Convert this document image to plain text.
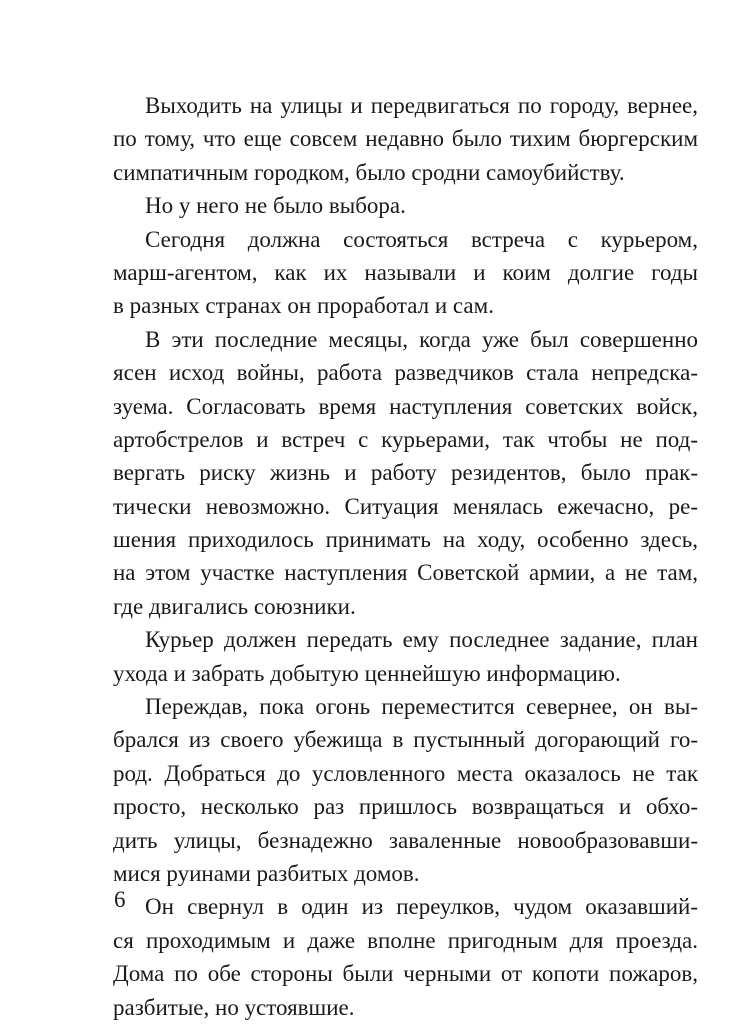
Выходить на улицы и передвигаться по городу, вернее,
по тому, что еще совсем недавно было тихим бюргерским
симпатичным городком, было сродни самоубийству.
Но у него не было выбора.
Сегодня должна состояться встреча с курьером,
марш-агентом, как их называли и коим долгие годы
в разных странах он проработал и сам.
В эти последние месяцы, когда уже был совершенно
ясен исход войны, работа разведчиков стала непредска-
зуема. Согласовать время наступления советских войск,
артобстрелов и встреч с курьерами, так чтобы не под-
вергать риску жизнь и работу резидентов, было прак-
тически невозможно. Ситуация менялась ежечасно, ре-
шения приходилось принимать на ходу, особенно здесь,
на этом участке наступления Советской армии, а не там,
где двигались союзники.
Курьер должен передать ему последнее задание, план
ухода и забрать добытую ценнейшую информацию.
Переждав, пока огонь переместится севернее, он вы-
брался из своего убежища в пустынный догорающий го-
род. Добраться до условленного места оказалось не так
просто, несколько раз пришлось возвращаться и обхо-
дить улицы, безнадежно заваленные новообразовавши-
мися руинами разбитых домов.
Он свернул в один из переулков, чудом оказавший-
ся проходимым и даже вполне пригодным для проезда.
Дома по обе стороны были черными от копоти пожаров,
разбитые, но устоявшие.
6
